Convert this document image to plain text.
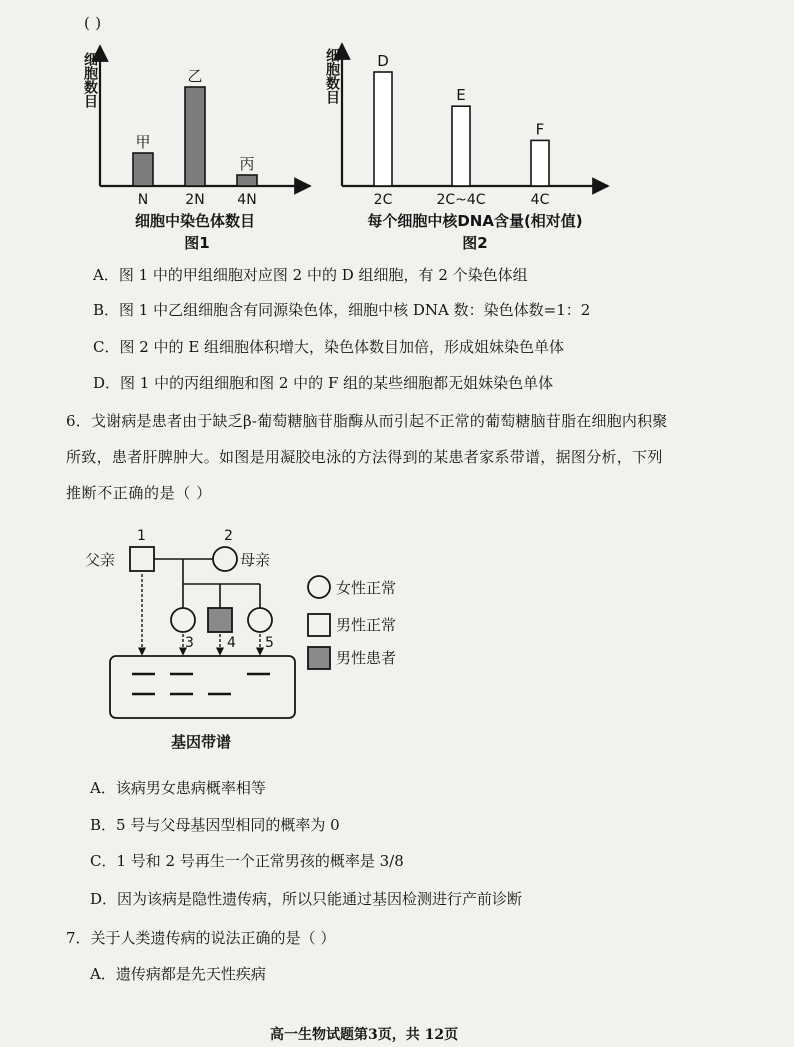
( )
甲
N
乙
2N
丙
4N
细胞数目
细胞中染色体数目
图1
D
2C
E
2C~4C
F
4C
细胞数目
每个细胞中核DNA含量(相对值)
图2
A．图 1 中的甲组细胞对应图 2 中的 D 组细胞，有 2 个染色体组
B．图 1 中乙组细胞含有同源染色体，细胞中核 DNA 数：染色体数=1：2
C．图 2 中的 E 组细胞体积增大，染色体数目加倍，形成姐妹染色单体
D．图 1 中的丙组细胞和图 2 中的 F 组的某些细胞都无姐妹染色单体
6．戈谢病是患者由于缺乏β-葡萄糖脑苷脂酶从而引起不正常的葡萄糖脑苷脂在细胞内积聚
所致，患者肝脾肿大。如图是用凝胶电泳的方法得到的某患者家系带谱，据图分析，下列
推断不正确的是（ ）
父亲
1
母亲
2
3 4 5
基因带谱
女性正常
男性正常
男性患者
A．该病男女患病概率相等
B．5 号与父母基因型相同的概率为 0
C．1 号和 2 号再生一个正常男孩的概率是 3/8
D．因为该病是隐性遗传病，所以只能通过基因检测进行产前诊断
7．关于人类遗传病的说法正确的是（ ）
A．遗传病都是先天性疾病
高一生物试题第3页，共 12页
